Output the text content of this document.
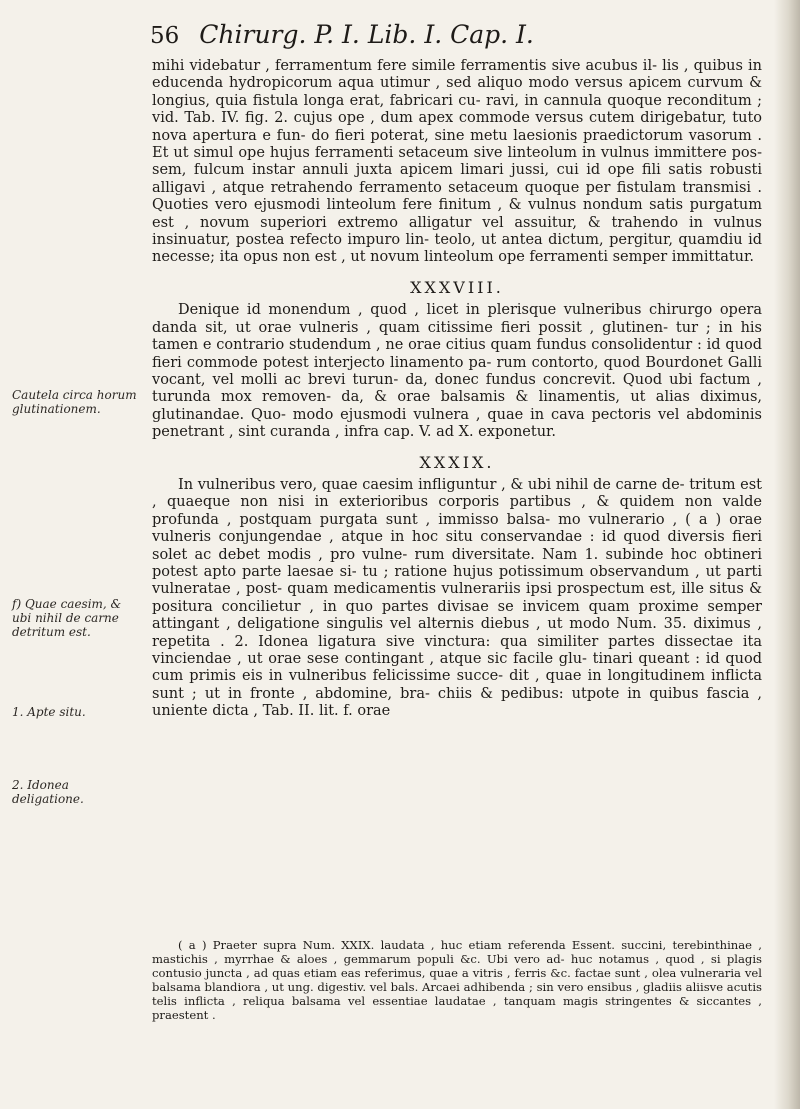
56 Chirurg. P. I. Lib. I. Cap. I.

mihi videbatur , ferramentum fere simile ferramentis sive acubus il- lis , quibus in educenda hydropicorum aqua utimur , sed aliquo modo versus apicem curvum & longius, quia fistula longa erat, fabricari cu- ravi, in cannula quoque reconditum ; vid. Tab. IV. fig. 2. cujus ope , dum apex commode versus cutem dirigebatur, tuto nova apertura e fun- do fieri poterat, sine metu laesionis praedictorum vasorum . Et ut simul ope hujus ferramenti setaceum sive linteolum in vulnus immittere pos- sem, fulcum instar annuli juxta apicem limari jussi, cui id ope fili satis robusti alligavi , atque retrahendo ferramento setaceum quoque per fistulam transmisi . Quoties vero ejusmodi linteolum fere finitum , & vulnus nondum satis purgatum est , novum superiori extremo alligatur vel assuitur, & trahendo in vulnus insinuatur, postea refecto impuro lin- teolo, ut antea dictum, pergitur, quamdiu id necesse; ita opus non est , ut novum linteolum ope ferramenti semper immittatur.

XXXVIII.

Denique id monendum , quod , licet in plerisque vulneribus chirurgo opera danda sit, ut orae vulneris , quam citissime fieri possit , glutinen- tur ; in his tamen e contrario studendum , ne orae citius quam fundus consolidentur : id quod fieri commode potest interjecto linamento pa- rum contorto, quod Bourdonet Galli vocant, vel molli ac brevi turun- da, donec fundus concrevit. Quod ubi factum , turunda mox removen- da, & orae balsamis & linamentis, ut alias diximus, glutinandae. Quo- modo ejusmodi vulnera , quae in cava pectoris vel abdominis penetrant , sint curanda , infra cap. V. ad X. exponetur.

XXXIX.

In vulneribus vero, quae caesim infliguntur , & ubi nihil de carne de- tritum est , quaeque non nisi in exterioribus corporis partibus , & quidem non valde profunda , postquam purgata sunt , immisso balsa- mo vulnerario , ( a ) orae vulneris conjungendae , atque in hoc situ conservandae : id quod diversis fieri solet ac debet modis , pro vulne- rum diversitate. Nam 1. subinde hoc obtineri potest apto parte laesae si- tu ; ratione hujus potissimum observandum , ut parti vulneratae , post- quam medicamentis vulnerariis ipsi prospectum est, ille situs & positura concilietur , in quo partes divisae se invicem quam proxime semper attingant , deligatione singulis vel alternis diebus , ut modo Num. 35. diximus , repetita . 2. Idonea ligatura sive vinctura: qua similiter partes dissectae ita vinciendae , ut orae sese contingant , atque sic facile glu- tinari queant : id quod cum primis eis in vulneribus felicissime succe- dit , quae in longitudinem inflicta sunt ; ut in fronte , abdomine, bra- chiis & pedibus: utpote in quibus fascia , uniente dicta , Tab. II. lit. f. orae

Cautela circa horum glutinationem.
f) Quae caesim, & ubi nihil de carne detritum est.
1. Apte situ.
2. Idonea deligatione.

( a ) Praeter supra Num. XXIX. laudata , huc etiam referenda Essent. succini, terebinthinae , mastichis , myrrhae & aloes , gemmarum populi &c. Ubi vero ad- huc notamus , quod , si plagis contusio juncta , ad quas etiam eas referimus, quae a vitris , ferris &c. factae sunt , olea vulneraria vel balsama blandiora , ut ung. digestiv. vel bals. Arcaei adhibenda ; sin vero ensibus , gladiis aliisve acutis telis inflicta , reliqua balsama vel essentiae laudatae , tanquam magis stringentes & siccantes , praestent .
